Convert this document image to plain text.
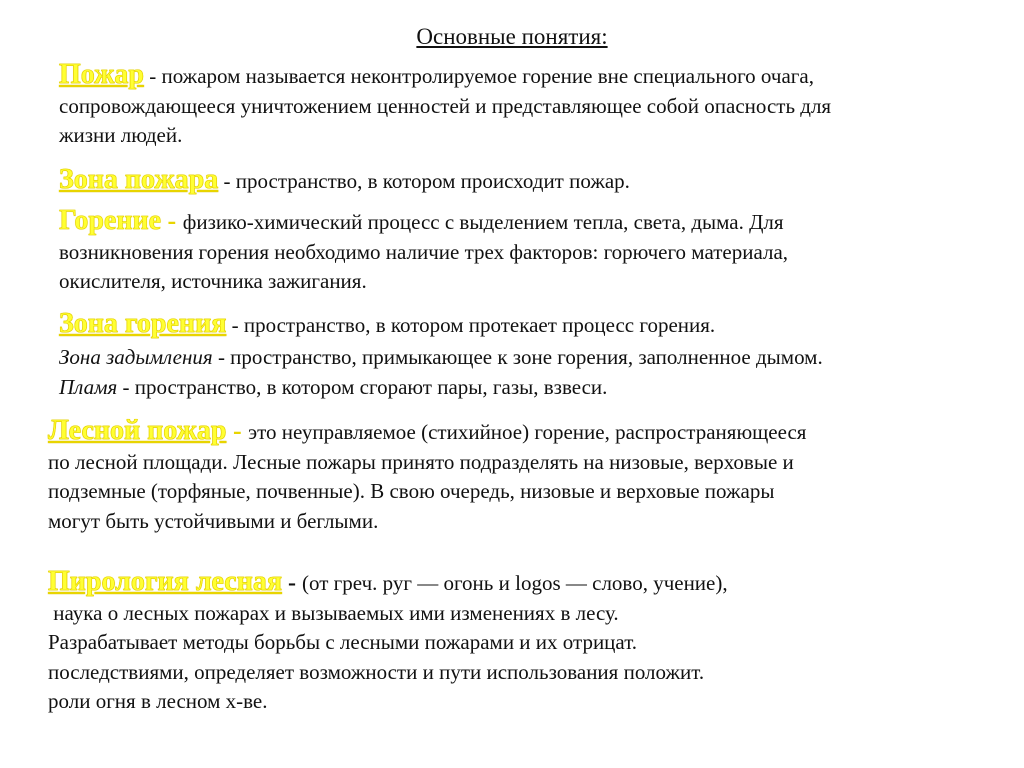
Основные понятия:
Пожар - пожаром называется неконтролируемое горение вне специального очага,
сопровождающееся уничтожением ценностей и представляющее собой опасность для
жизни людей.
Зона пожара - пространство, в котором происходит пожар.
Горение - физико-химический процесс с выделением тепла, света, дыма. Для
возникновения горения необходимо наличие трех факторов: горючего материала,
окислителя, источника зажигания.
Зона горения - пространство, в котором протекает процесс горения.
Зона задымления - пространство, примыкающее к зоне горения, заполненное дымом.
Пламя - пространство, в котором сгорают пары, газы, взвеси.
Лесной пожар - это неуправляемое (стихийное) горение, распространяющееся
по лесной площади. Лесные пожары принято подразделять на низовые, верховые и
подземные (торфяные, почвенные). В свою очередь, низовые и верховые пожары
могут быть устойчивыми и беглыми.
Пирология лесная - (от греч. руг — огонь и logos — слово, учение),
наука о лесных пожарах и вызываемых ими изменениях в лесу.
Разрабатывает методы борьбы с лесными пожарами и их отрицат.
последствиями, определяет возможности и пути использования положит.
роли огня в лесном х-ве.
